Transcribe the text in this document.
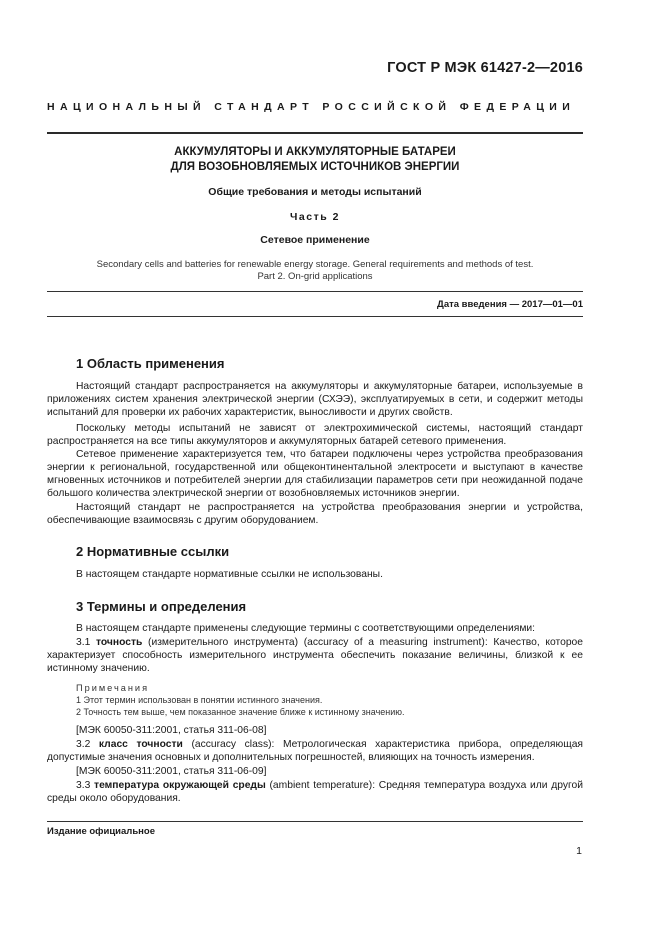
ГОСТ Р МЭК 61427-2—2016
НАЦИОНАЛЬНЫЙ СТАНДАРТ РОССИЙСКОЙ ФЕДЕРАЦИИ
АККУМУЛЯТОРЫ И АККУМУЛЯТОРНЫЕ БАТАРЕИ
ДЛЯ ВОЗОБНОВЛЯЕМЫХ ИСТОЧНИКОВ ЭНЕРГИИ
Общие требования и методы испытаний
Часть 2
Сетевое применение
Secondary cells and batteries for renewable energy storage. General requirements and methods of test.
Part 2. On-grid applications
Дата введения — 2017—01—01
1 Область применения
Настоящий стандарт распространяется на аккумуляторы и аккумуляторные батареи, используемые в приложениях систем хранения электрической энергии (СХЭЭ), эксплуатируемых в сети, и содержит методы испытаний для проверки их рабочих характеристик, выносливости и других свойств.
Поскольку методы испытаний не зависят от электрохимической системы, настоящий стандарт распространяется на все типы аккумуляторов и аккумуляторных батарей сетевого применения.
Сетевое применение характеризуется тем, что батареи подключены через устройства преобразования энергии к региональной, государственной или общеконтинентальной электросети и выступают в качестве мгновенных источников и потребителей энергии для стабилизации параметров сети при неожиданной подаче большого количества электрической энергии от возобновляемых источников энергии.
Настоящий стандарт не распространяется на устройства преобразования энергии и устройства, обеспечивающие взаимосвязь с другим оборудованием.
2 Нормативные ссылки
В настоящем стандарте нормативные ссылки не использованы.
3 Термины и определения
В настоящем стандарте применены следующие термины с соответствующими определениями:
3.1 точность (измерительного инструмента) (accuracy of a measuring instrument): Качество, которое характеризует способность измерительного инструмента обеспечить показание величины, близкой к ее истинному значению.
Примечания
1 Этот термин использован в понятии истинного значения.
2 Точность тем выше, чем показанное значение ближе к истинному значению.
[МЭК 60050-311:2001, статья 311-06-08]
3.2 класс точности (accuracy class): Метрологическая характеристика прибора, определяющая допустимые значения основных и дополнительных погрешностей, влияющих на точность измерения.
[МЭК 60050-311:2001, статья 311-06-09]
3.3 температура окружающей среды (ambient temperature): Средняя температура воздуха или другой среды около оборудования.
Издание официальное
1
